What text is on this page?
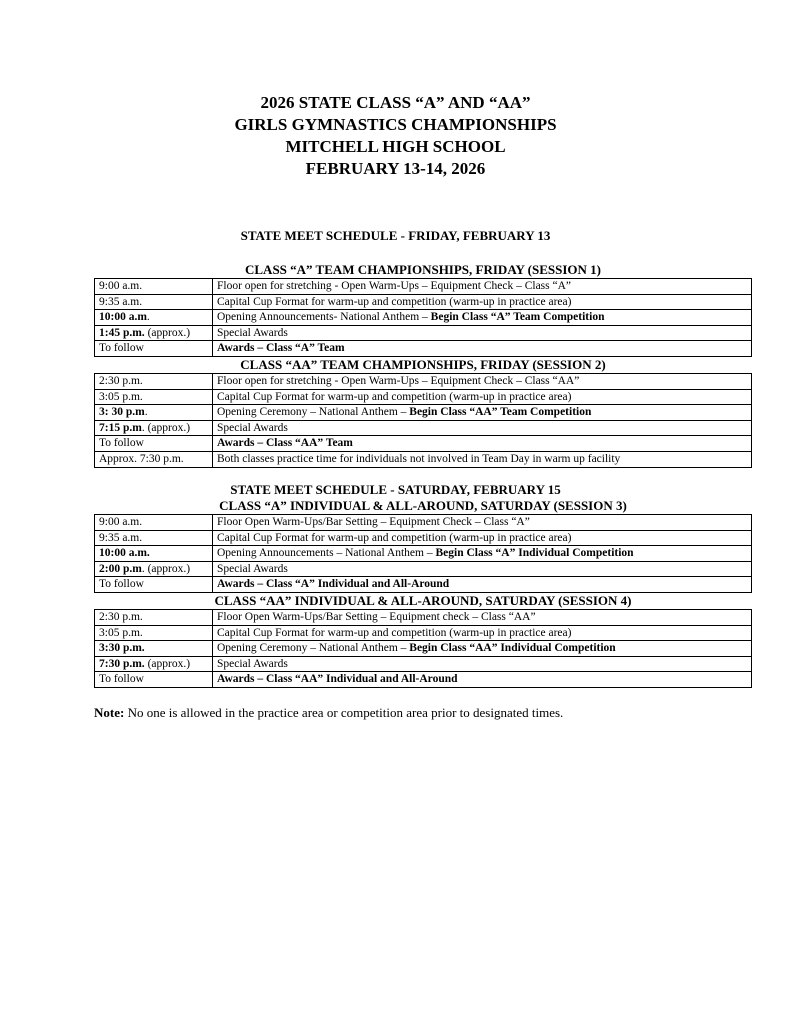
2026 STATE CLASS “A” AND “AA”
GIRLS GYMNASTICS CHAMPIONSHIPS
MITCHELL HIGH SCHOOL
FEBRUARY 13-14, 2026
STATE MEET SCHEDULE - FRIDAY, FEBRUARY 13
CLASS “A” TEAM CHAMPIONSHIPS, FRIDAY (SESSION 1)
9:00 a.m.	Floor open for stretching - Open Warm-Ups – Equipment Check – Class “A”
9:35 a.m.	Capital Cup Format for warm-up and competition (warm-up in practice area)
10:00 a.m.	Opening Announcements- National Anthem – Begin Class “A” Team Competition
1:45 p.m. (approx.)	Special Awards
To follow	Awards – Class “A” Team
CLASS “AA” TEAM CHAMPIONSHIPS, FRIDAY (SESSION 2)
2:30 p.m.	Floor open for stretching - Open Warm-Ups – Equipment Check – Class “AA”
3:05 p.m.	Capital Cup Format for warm-up and competition (warm-up in practice area)
3: 30 p.m.	Opening Ceremony – National Anthem – Begin Class “AA” Team Competition
7:15 p.m. (approx.)	Special Awards
To follow	Awards – Class “AA” Team
Approx. 7:30 p.m.	Both classes practice time for individuals not involved in Team Day in warm up facility
STATE MEET SCHEDULE - SATURDAY, FEBRUARY 15
CLASS “A” INDIVIDUAL & ALL-AROUND, SATURDAY (SESSION 3)
9:00 a.m.	Floor Open Warm-Ups/Bar Setting – Equipment Check – Class “A”
9:35 a.m.	Capital Cup Format for warm-up and competition (warm-up in practice area)
10:00 a.m.	Opening Announcements – National Anthem – Begin Class “A” Individual Competition
2:00 p.m. (approx.)	Special Awards
To follow	Awards – Class “A” Individual and All-Around
CLASS “AA” INDIVIDUAL & ALL-AROUND, SATURDAY (SESSION 4)
2:30 p.m.	Floor Open Warm-Ups/Bar Setting – Equipment check – Class “AA”
3:05 p.m.	Capital Cup Format for warm-up and competition (warm-up in practice area)
3:30 p.m.	Opening Ceremony – National Anthem – Begin Class “AA” Individual Competition
7:30 p.m. (approx.)	Special Awards
To follow	Awards – Class “AA” Individual and All-Around
Note: No one is allowed in the practice area or competition area prior to designated times.
